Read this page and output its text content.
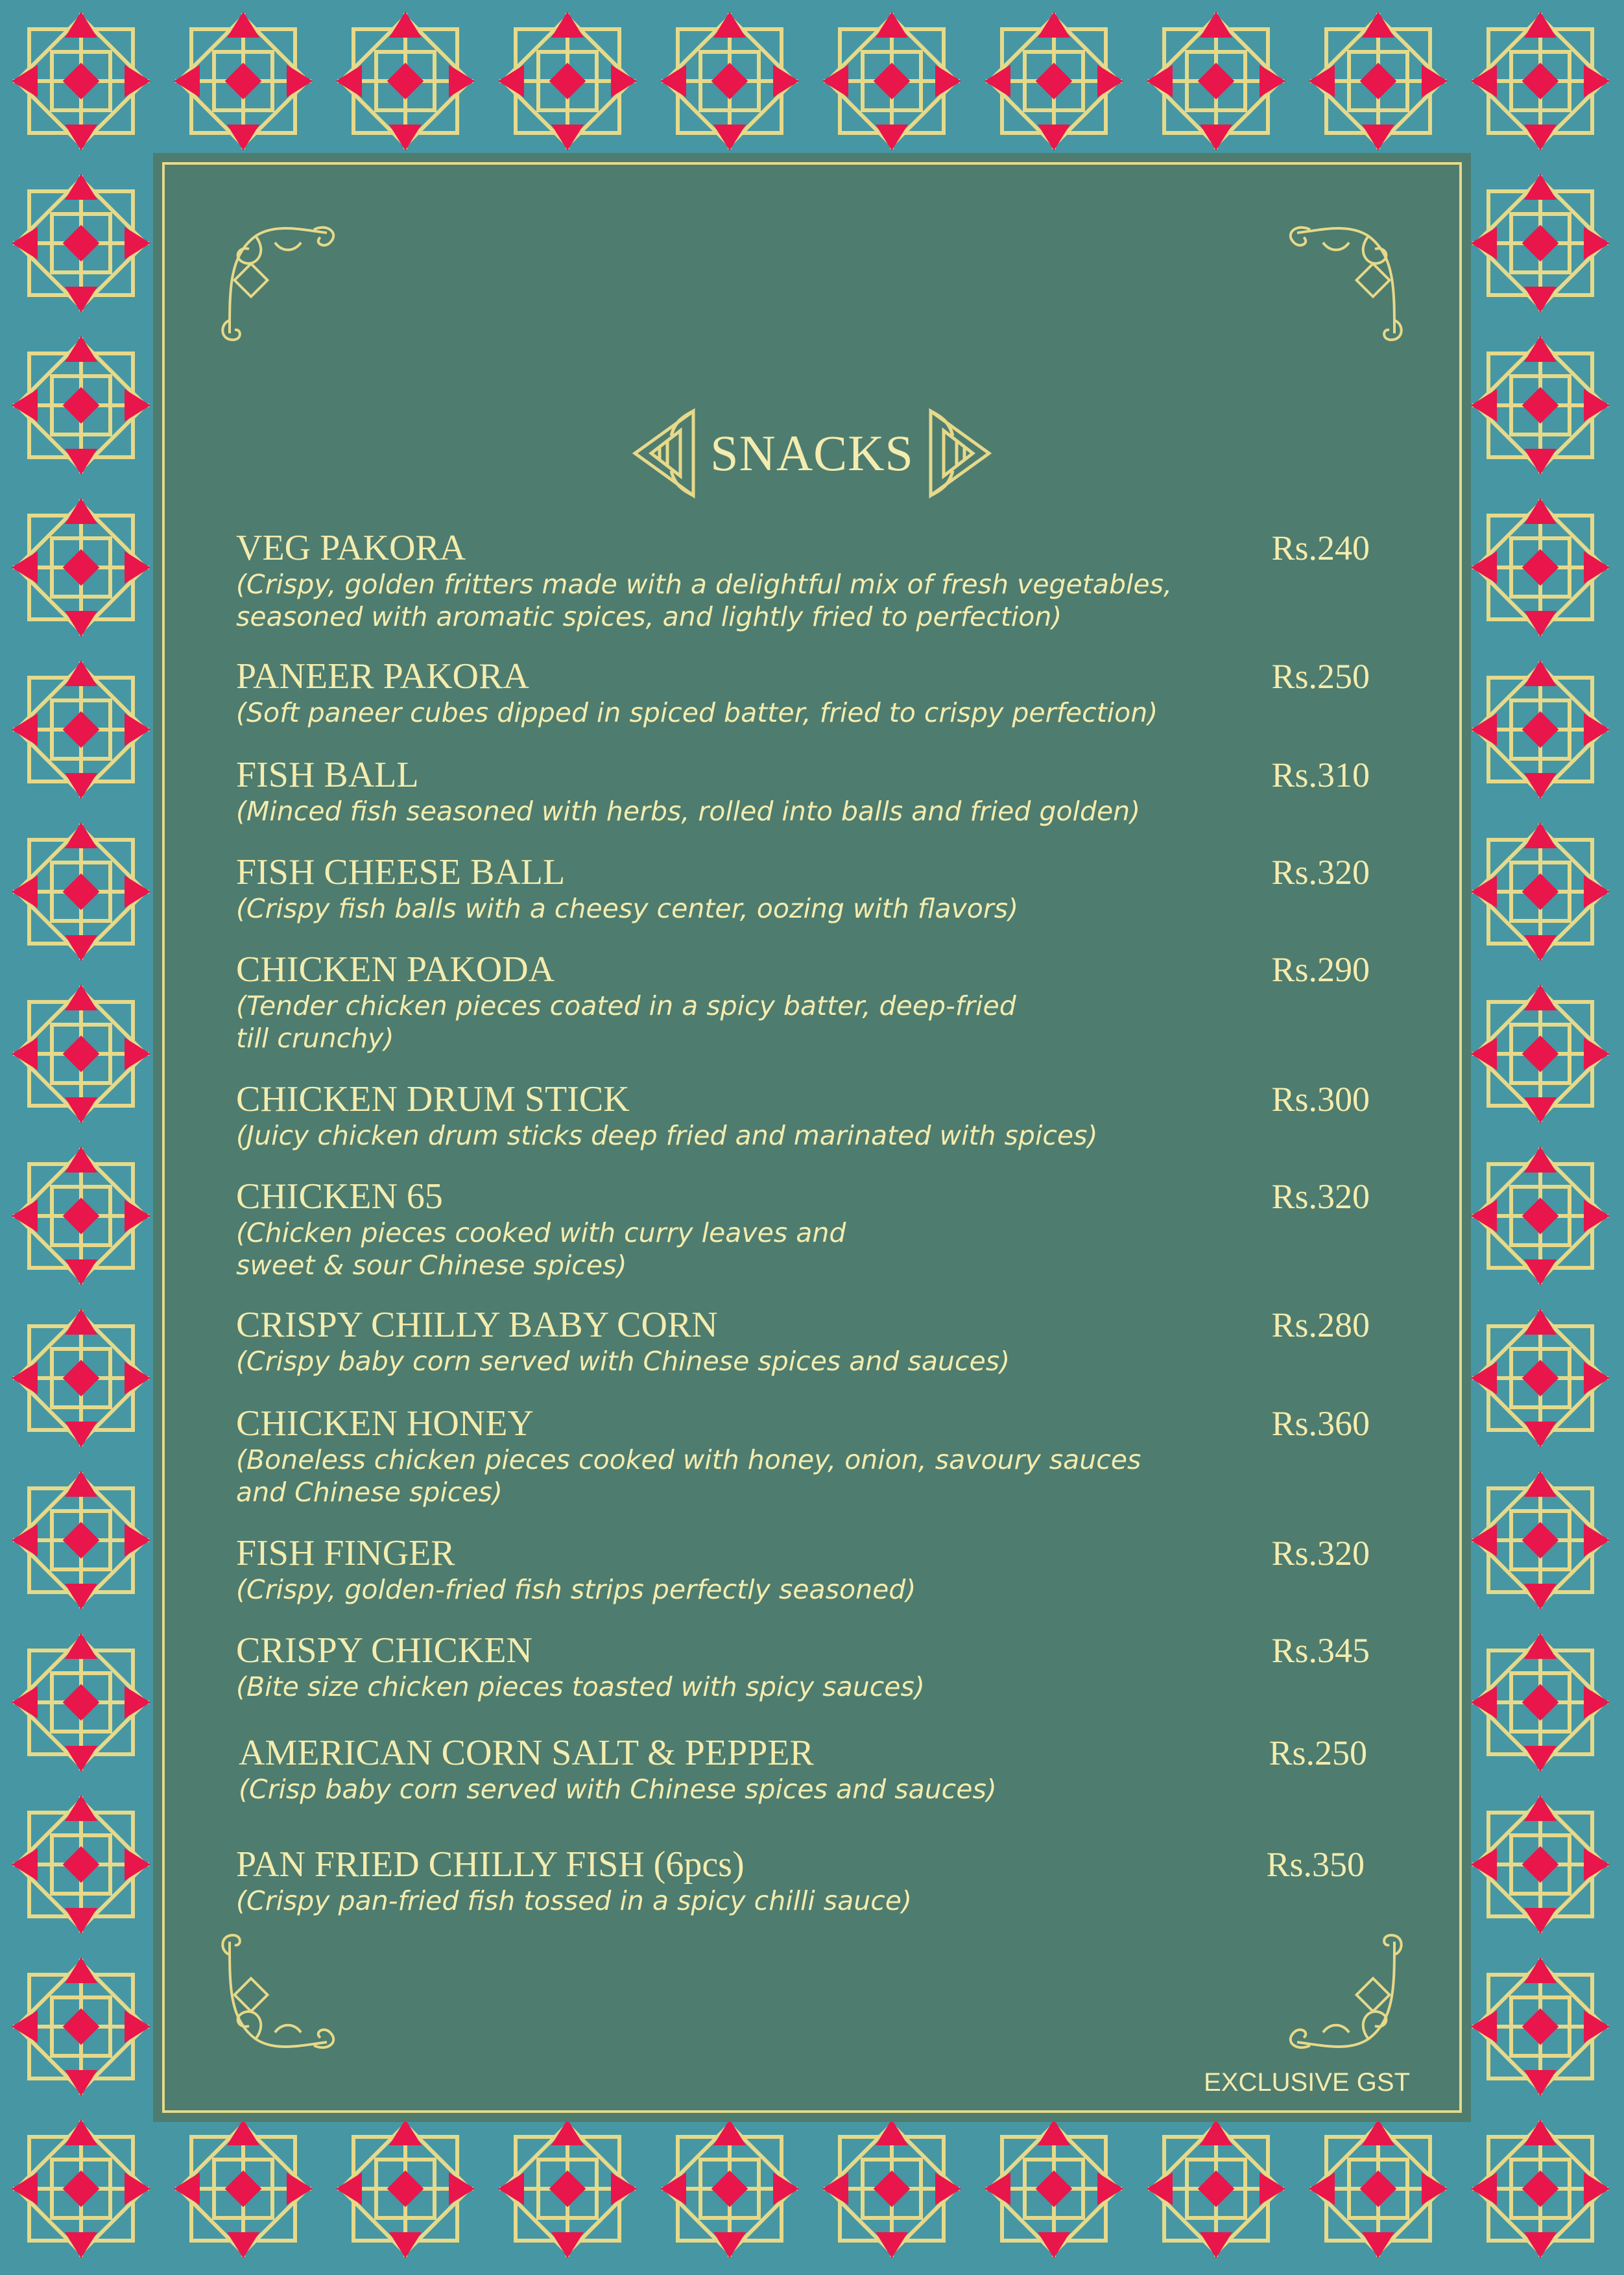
SNACKS
VEG PAKORA	Rs.240
(Crispy, golden fritters made with a delightful mix of fresh vegetables,
seasoned with aromatic spices, and lightly fried to perfection)
PANEER PAKORA	Rs.250
(Soft paneer cubes dipped in spiced batter, fried to crispy perfection)
FISH BALL	Rs.310
(Minced fish seasoned with herbs, rolled into balls and fried golden)
FISH CHEESE BALL	Rs.320
(Crispy fish balls with a cheesy center, oozing with flavors)
CHICKEN PAKODA	Rs.290
(Tender chicken pieces coated in a spicy batter, deep-fried
till crunchy)
CHICKEN DRUM STICK	Rs.300
(Juicy chicken drum sticks deep fried and marinated with spices)
CHICKEN 65	Rs.320
(Chicken pieces cooked with curry leaves and
sweet & sour Chinese spices)
CRISPY CHILLY BABY CORN	Rs.280
(Crispy baby corn served with Chinese spices and sauces)
CHICKEN HONEY	Rs.360
(Boneless chicken pieces cooked with honey, onion, savoury sauces
and Chinese spices)
FISH FINGER	Rs.320
(Crispy, golden-fried fish strips perfectly seasoned)
CRISPY CHICKEN	Rs.345
(Bite size chicken pieces toasted with spicy sauces)
AMERICAN CORN SALT & PEPPER	Rs.250
(Crisp baby corn served with Chinese spices and sauces)
PAN FRIED CHILLY FISH (6pcs)	Rs.350
(Crispy pan-fried fish tossed in a spicy chilli sauce)
EXCLUSIVE GST
